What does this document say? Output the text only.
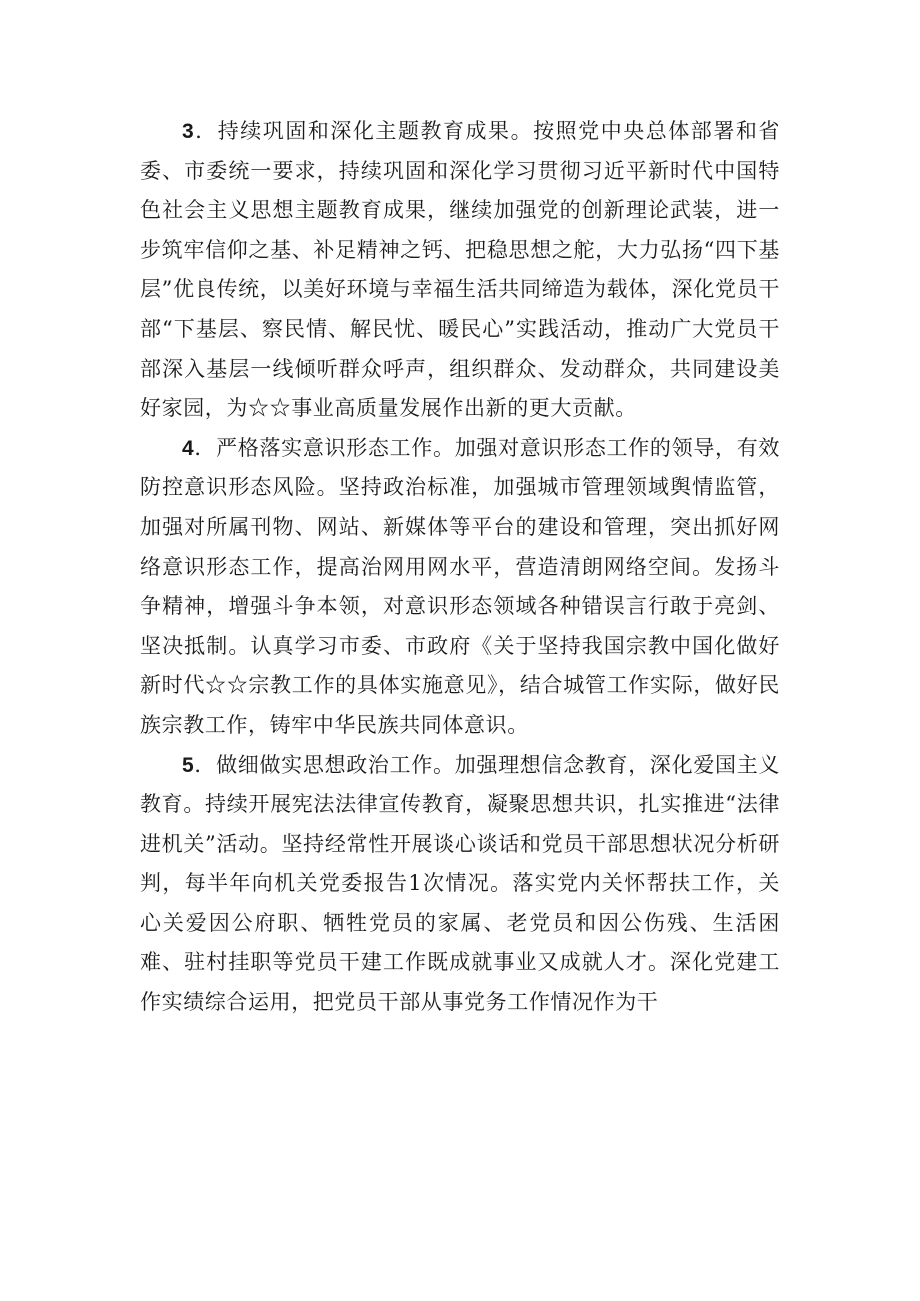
3．持续巩固和深化主题教育成果。按照党中央总体部署和省委、市委统一要求，持续巩固和深化学习贯彻习近平新时代中国特色社会主义思想主题教育成果，继续加强党的创新理论武装，进一步筑牢信仰之基、补足精神之钙、把稳思想之舵，大力弘扬“四下基层”优良传统，以美好环境与幸福生活共同缔造为载体，深化党员干部“下基层、察民情、解民忧、暖民心”实践活动，推动广大党员干部深入基层一线倾听群众呼声，组织群众、发动群众，共同建设美好家园，为☆☆事业高质量发展作出新的更大贡献。

4．严格落实意识形态工作。加强对意识形态工作的领导，有效防控意识形态风险。坚持政治标准，加强城市管理领域舆情监管，加强对所属刊物、网站、新媒体等平台的建设和管理，突出抓好网络意识形态工作，提高治网用网水平，营造清朗网络空间。发扬斗争精神，增强斗争本领，对意识形态领域各种错误言行敢于亮剑、坚决抵制。认真学习市委、市政府《关于坚持我国宗教中国化做好新时代☆☆宗教工作的具体实施意见》，结合城管工作实际，做好民族宗教工作，铸牢中华民族共同体意识。

5．做细做实思想政治工作。加强理想信念教育，深化爱国主义教育。持续开展宪法法律宣传教育，凝聚思想共识，扎实推进“法律进机关”活动。坚持经常性开展谈心谈话和党员干部思想状况分析研判，每半年向机关党委报告1次情况。落实党内关怀帮扶工作，关心关爱因公府职、牺牲党员的家属、老党员和因公伤残、生活困难、驻村挂职等党员干建工作既成就事业又成就人才。深化党建工作实绩综合运用，把党员干部从事党务工作情况作为干
